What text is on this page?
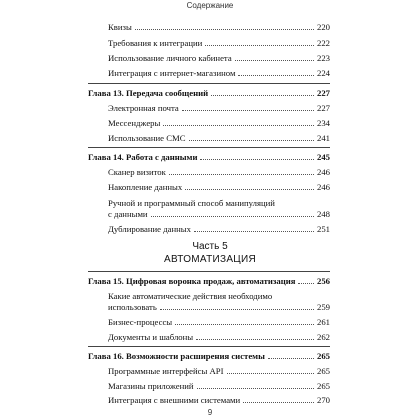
Содержание
Квизы	220
Требования к интеграции	222
Использование личного кабинета	223
Интеграция с интернет-магазином	224
Глава 13. Передача сообщений	227
Электронная почта	227
Мессенджеры	234
Использование СМС	241
Глава 14. Работа с данными	245
Сканер визиток	246
Накопление данных	246
Ручной и программный способ манипуляций
с данными	248
Дублирование данных	251
Часть 5
АВТОМАТИЗАЦИЯ
Глава 15. Цифровая воронка продаж, автоматизация 256
Какие автоматические действия необходимо
использовать	259
Бизнес-процессы	261
Документы и шаблоны	262
Глава 16. Возможности расширения системы	265
Программные интерфейсы API	265
Магазины приложений	265
Интеграция с внешними системами	270
9
